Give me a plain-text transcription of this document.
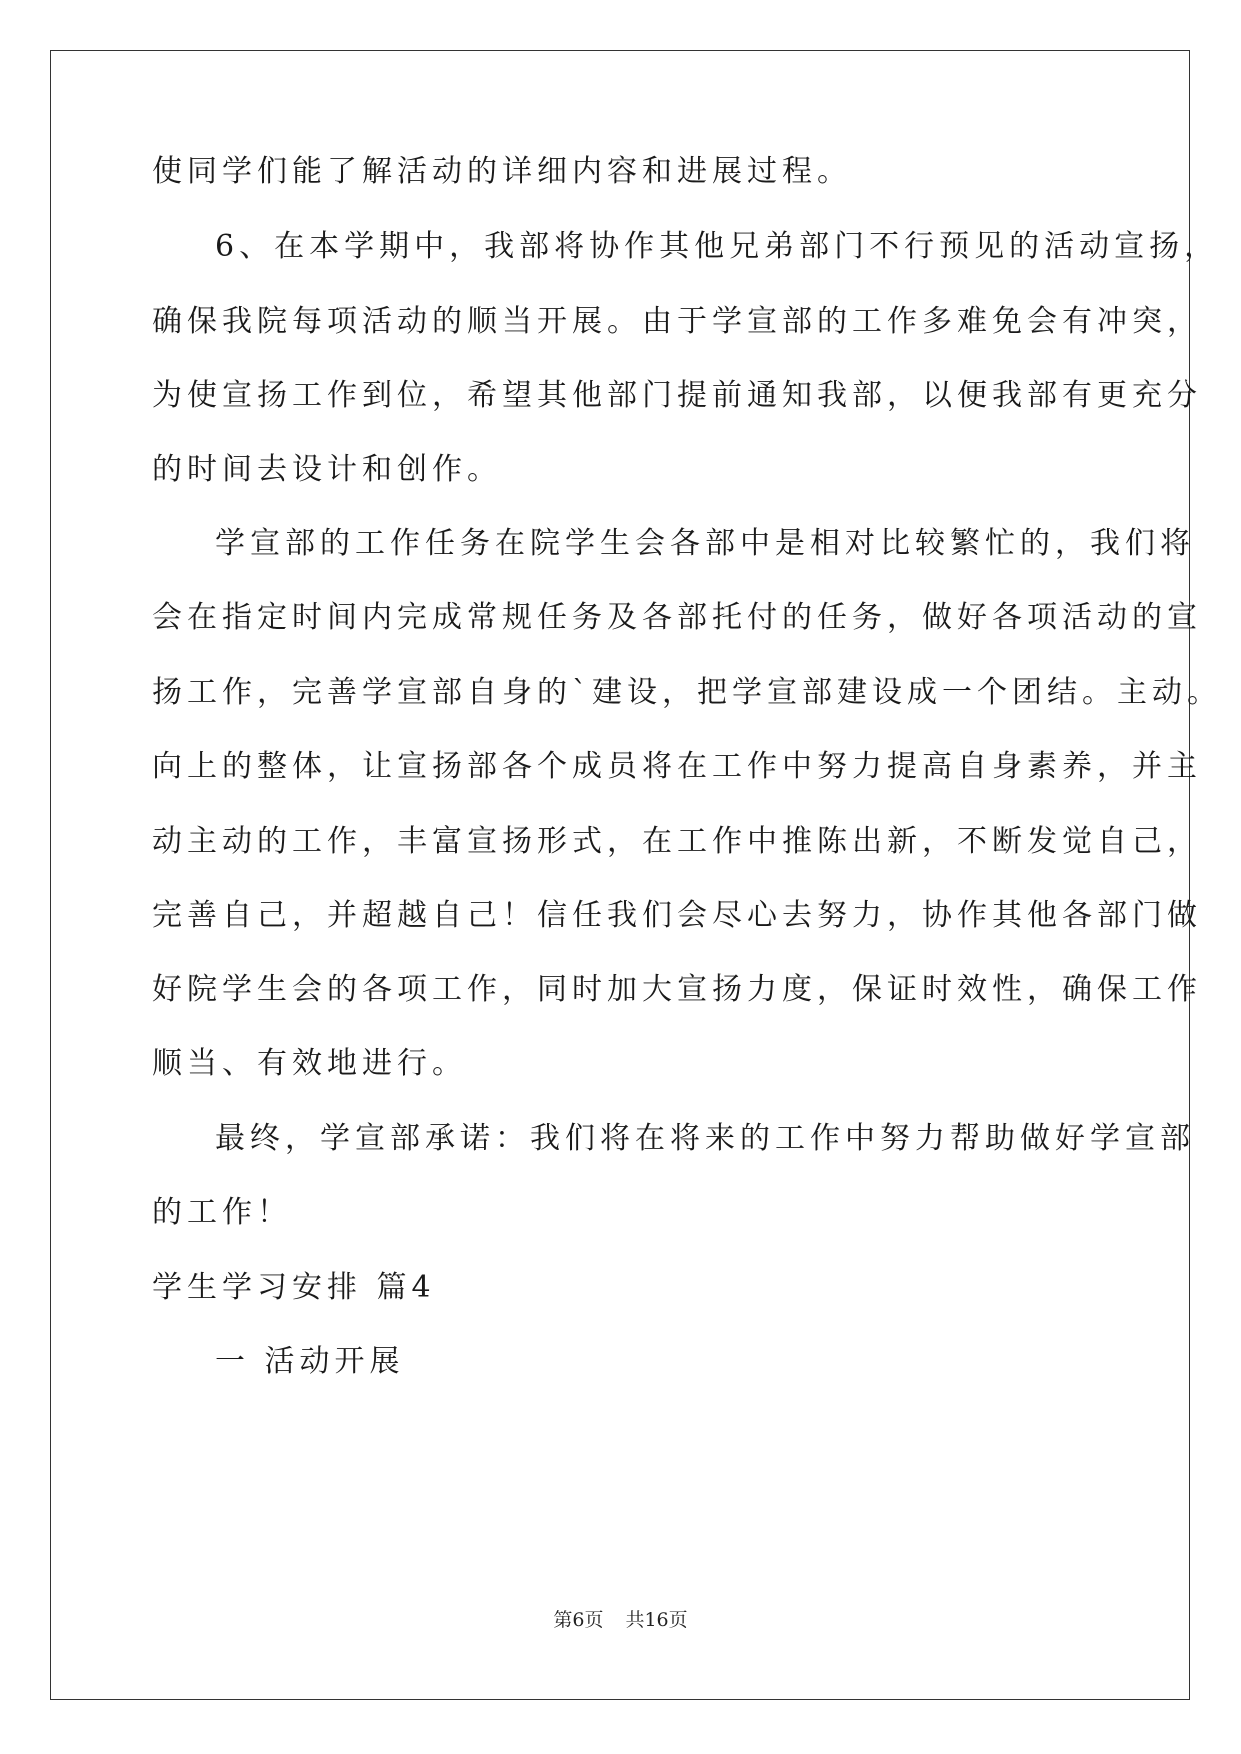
使同学们能了解活动的详细内容和进展过程。
6、在本学期中，我部将协作其他兄弟部门不行预见的活动宣扬，
确保我院每项活动的顺当开展。由于学宣部的工作多难免会有冲突，
为使宣扬工作到位，希望其他部门提前通知我部，以便我部有更充分
的时间去设计和创作。
学宣部的工作任务在院学生会各部中是相对比较繁忙的，我们将
会在指定时间内完成常规任务及各部托付的任务，做好各项活动的宣
扬工作，完善学宣部自身的`建设，把学宣部建设成一个团结。主动。
向上的整体，让宣扬部各个成员将在工作中努力提高自身素养，并主
动主动的工作，丰富宣扬形式，在工作中推陈出新，不断发觉自己，
完善自己，并超越自己！信任我们会尽心去努力，协作其他各部门做
好院学生会的各项工作，同时加大宣扬力度，保证时效性，确保工作
顺当、有效地进行。
最终，学宣部承诺：我们将在将来的工作中努力帮助做好学宣部
的工作！
学生学习安排 篇4
一 活动开展
第6页 共16页
